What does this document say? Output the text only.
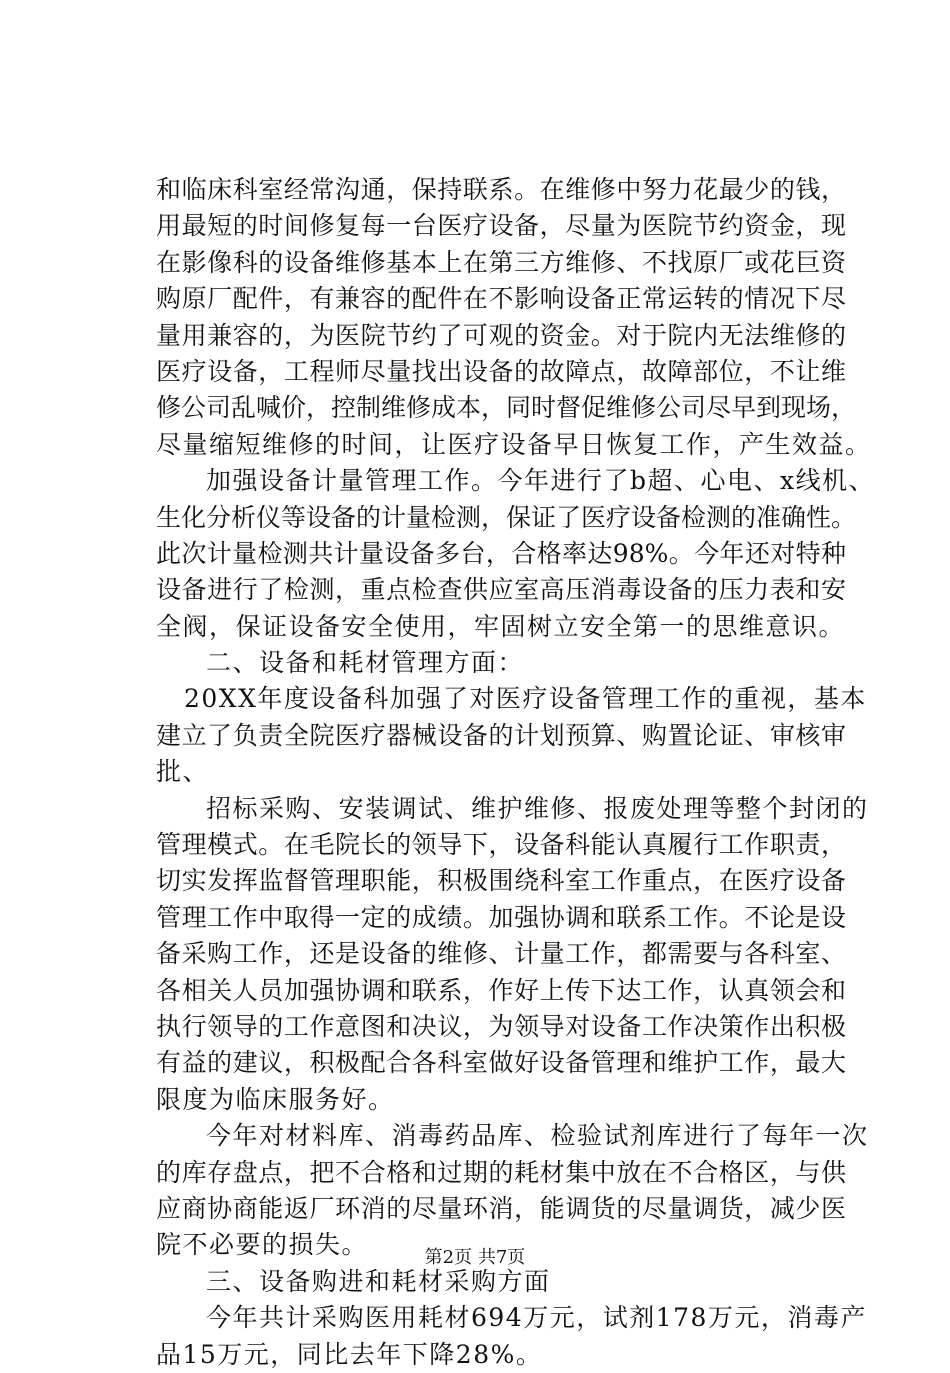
和临床科室经常沟通，保持联系。在维修中努力花最少的钱，
用最短的时间修复每一台医疗设备，尽量为医院节约资金，现
在影像科的设备维修基本上在第三方维修、不找原厂或花巨资
购原厂配件，有兼容的配件在不影响设备正常运转的情况下尽
量用兼容的，为医院节约了可观的资金。对于院内无法维修的
医疗设备，工程师尽量找出设备的故障点，故障部位，不让维
修公司乱喊价，控制维修成本，同时督促维修公司尽早到现场，
尽量缩短维修的时间，让医疗设备早日恢复工作，产生效益。
加强设备计量管理工作。今年进行了b超、心电、x线机、
生化分析仪等设备的计量检测，保证了医疗设备检测的准确性。
此次计量检测共计量设备多台，合格率达98%。今年还对特种
设备进行了检测，重点检查供应室高压消毒设备的压力表和安
全阀，保证设备安全使用，牢固树立安全第一的思维意识。
二、设备和耗材管理方面：
20XX年度设备科加强了对医疗设备管理工作的重视，基本
建立了负责全院医疗器械设备的计划预算、购置论证、审核审
批、
招标采购、安装调试、维护维修、报废处理等整个封闭的
管理模式。在毛院长的领导下，设备科能认真履行工作职责，
切实发挥监督管理职能，积极围绕科室工作重点，在医疗设备
管理工作中取得一定的成绩。加强协调和联系工作。不论是设
备采购工作，还是设备的维修、计量工作，都需要与各科室、
各相关人员加强协调和联系，作好上传下达工作，认真领会和
执行领导的工作意图和决议，为领导对设备工作决策作出积极
有益的建议，积极配合各科室做好设备管理和维护工作，最大
限度为临床服务好。
今年对材料库、消毒药品库、检验试剂库进行了每年一次
的库存盘点，把不合格和过期的耗材集中放在不合格区，与供
应商协商能返厂环消的尽量环消，能调货的尽量调货，减少医
院不必要的损失。
三、设备购进和耗材采购方面
今年共计采购医用耗材694万元，试剂178万元，消毒产
品15万元，同比去年下降28%。
第2页 共7页
